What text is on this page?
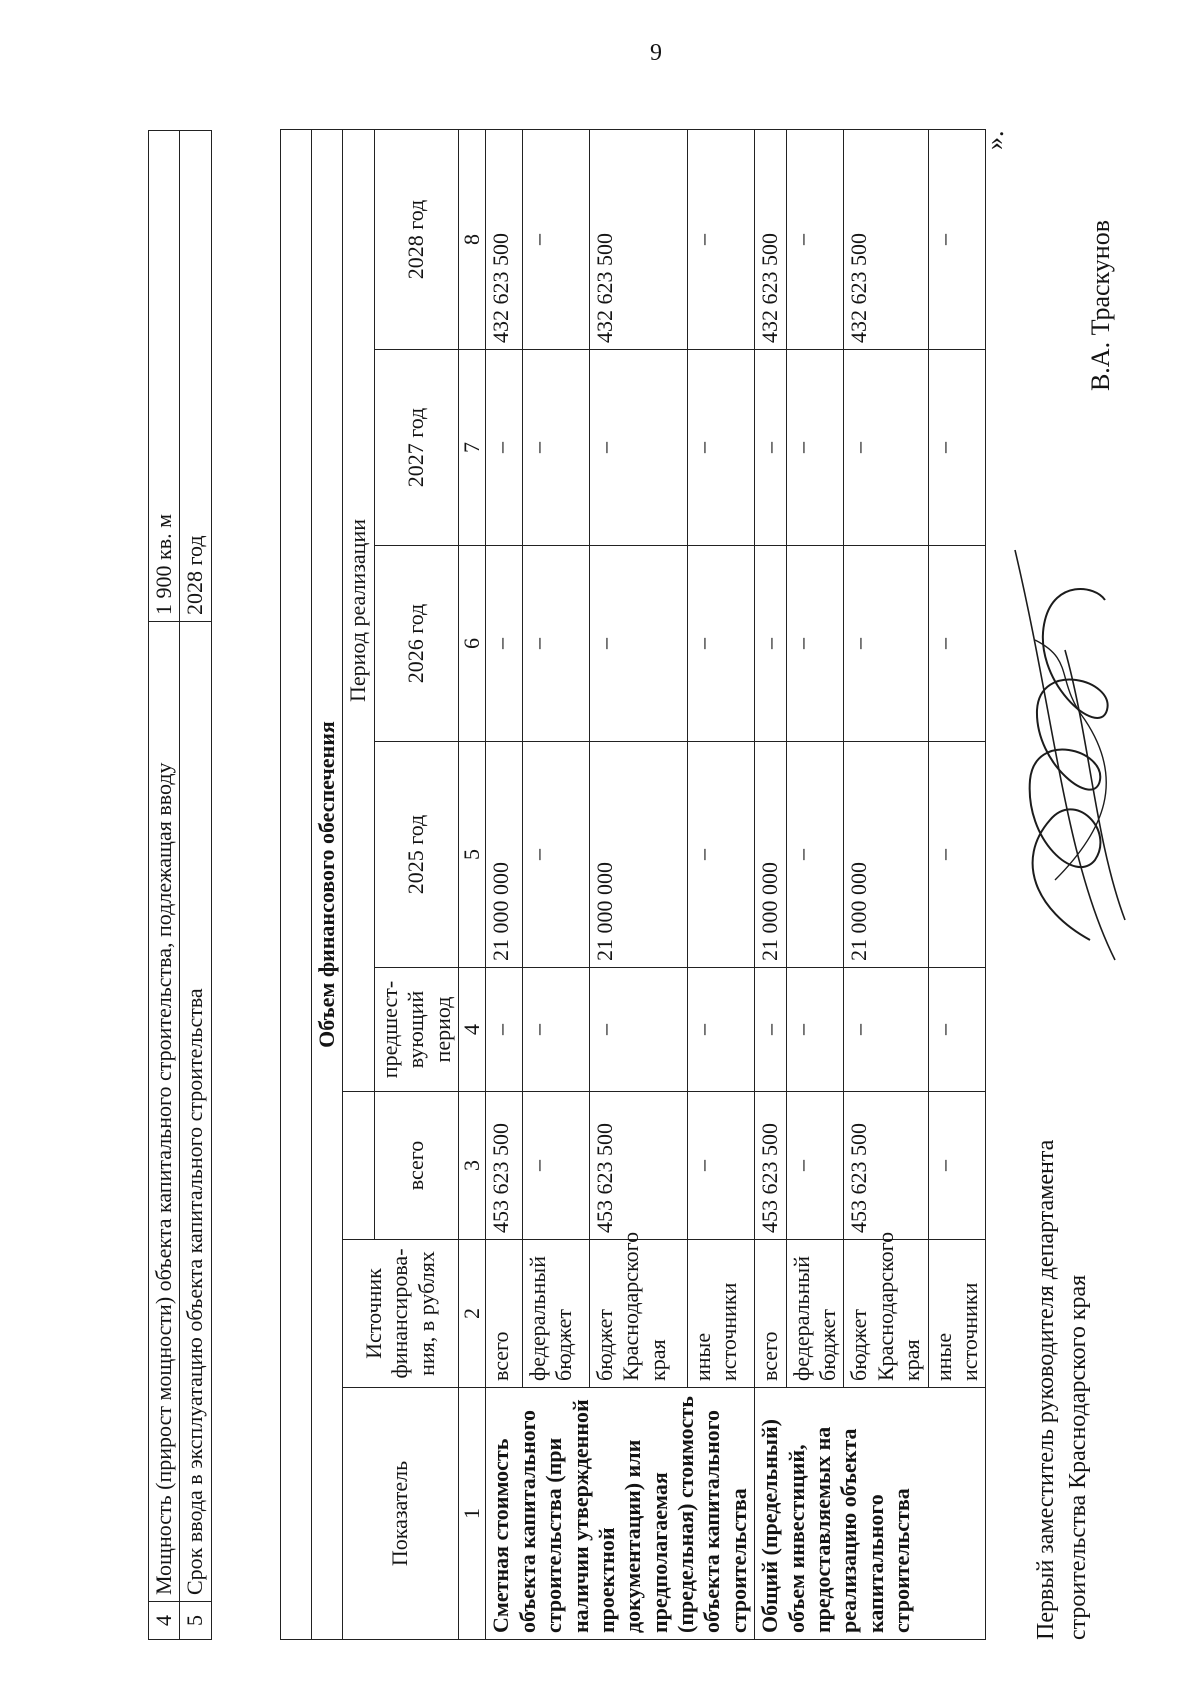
9
4	Мощность (прирост мощности) объекта капитального строительства, подлежащая вводу	1 900 кв. м
5	Срок ввода в эксплуатацию объекта капитального строительства	2028 год

Объем финансового обеспечения							
Показатель	Источник финансирова-ния, в рублях		Период реализации				
		всего	предшест-вующий период	2025 год	2026 год	2027 год	2028 год
1	2	3	4	5	6	7	8
Сметная стоимость объекта капитального строительства (при наличии утвержденной проектной документации) или предполагаемая (предельная) стоимость объекта капитального строительства	всего	453 623 500	–	21 000 000	–	–	432 623 500
	федеральный бюджет	–	–	–	–	–	–
	бюджет Краснодарского края	453 623 500	–	21 000 000	–	–	432 623 500
	иные источники	–	–	–	–	–	–
Общий (предельный) объем инвестиций, предоставляемых на реализацию объекта капитального строительства	всего	453 623 500	–	21 000 000	–	–	432 623 500
	федеральный бюджет	–	–	–	–	–	–
	бюджет Краснодарского края	453 623 500	–	21 000 000	–	–	432 623 500
	иные источники	–	–	–	–	–	–
».
Первый заместитель руководителя департамента
строительства Краснодарского края
В.А. Траскунов
